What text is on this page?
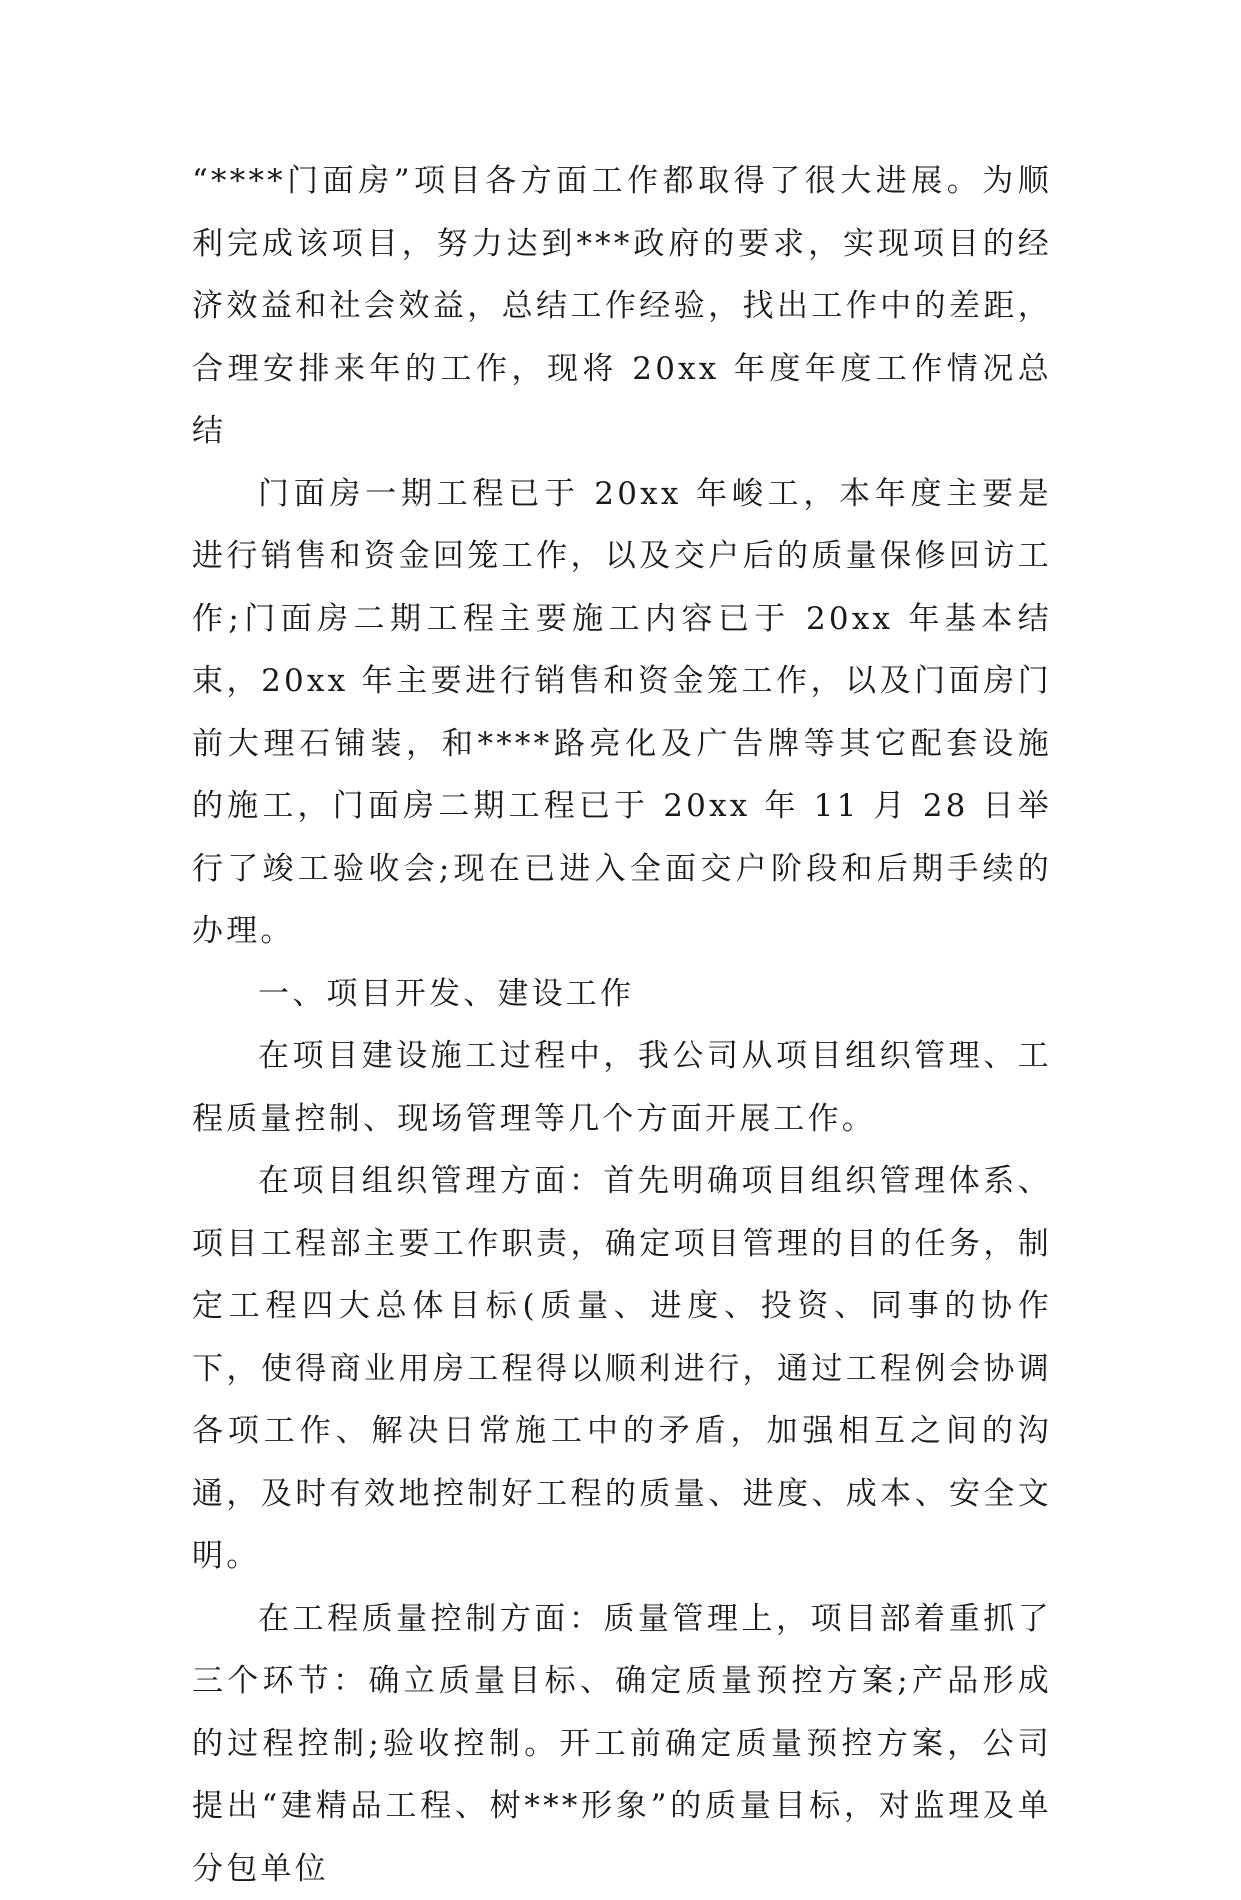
“****门面房”项目各方面工作都取得了很大进展。为顺利完成该项目，努力达到***政府的要求，实现项目的经济效益和社会效益，总结工作经验，找出工作中的差距，合理安排来年的工作，现将 20xx 年度年度工作情况总结

门面房一期工程已于 20xx 年峻工，本年度主要是进行销售和资金回笼工作，以及交户后的质量保修回访工作;门面房二期工程主要施工内容已于 20xx 年基本结束，20xx 年主要进行销售和资金笼工作，以及门面房门前大理石铺装，和****路亮化及广告牌等其它配套设施的施工，门面房二期工程已于 20xx 年 11 月 28 日举行了竣工验收会;现在已进入全面交户阶段和后期手续的办理。

一、项目开发、建设工作

在项目建设施工过程中，我公司从项目组织管理、工程质量控制、现场管理等几个方面开展工作。

在项目组织管理方面：首先明确项目组织管理体系、项目工程部主要工作职责，确定项目管理的目的任务，制定工程四大总体目标(质量、进度、投资、同事的协作下，使得商业用房工程得以顺利进行，通过工程例会协调各项工作、解决日常施工中的矛盾，加强相互之间的沟通，及时有效地控制好工程的质量、进度、成本、安全文明。

在工程质量控制方面：质量管理上，项目部着重抓了三个环节：确立质量目标、确定质量预控方案;产品形成的过程控制;验收控制。开工前确定质量预控方案，公司提出“建精品工程、树***形象”的质量目标，对监理及单分包单位
